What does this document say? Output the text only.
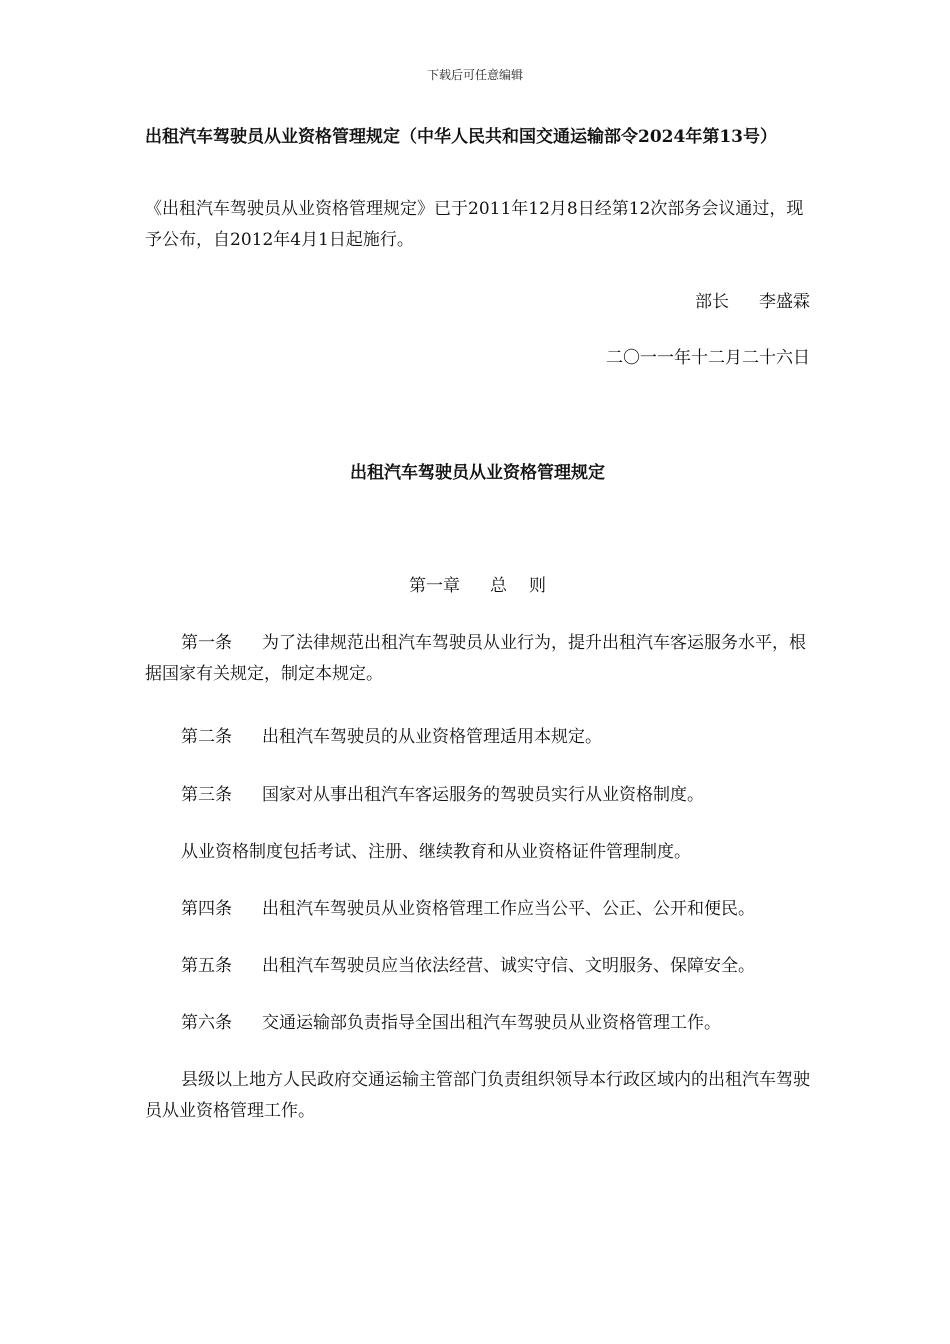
下载后可任意编辑
出租汽车驾驶员从业资格管理规定（中华人民共和国交通运输部令2024年第13号）

《出租汽车驾驶员从业资格管理规定》已于2011年12月8日经第12次部务会议通过，现予公布，自2012年4月1日起施行。

部长 李盛霖

二〇一一年十二月二十六日

出租汽车驾驶员从业资格管理规定

第一章 总 则

第一条 为了法律规范出租汽车驾驶员从业行为，提升出租汽车客运服务水平，根据国家有关规定，制定本规定。

第二条 出租汽车驾驶员的从业资格管理适用本规定。

第三条 国家对从事出租汽车客运服务的驾驶员实行从业资格制度。

从业资格制度包括考试、注册、继续教育和从业资格证件管理制度。

第四条 出租汽车驾驶员从业资格管理工作应当公平、公正、公开和便民。

第五条 出租汽车驾驶员应当依法经营、诚实守信、文明服务、保障安全。

第六条 交通运输部负责指导全国出租汽车驾驶员从业资格管理工作。

县级以上地方人民政府交通运输主管部门负责组织领导本行政区域内的出租汽车驾驶员从业资格管理工作。
